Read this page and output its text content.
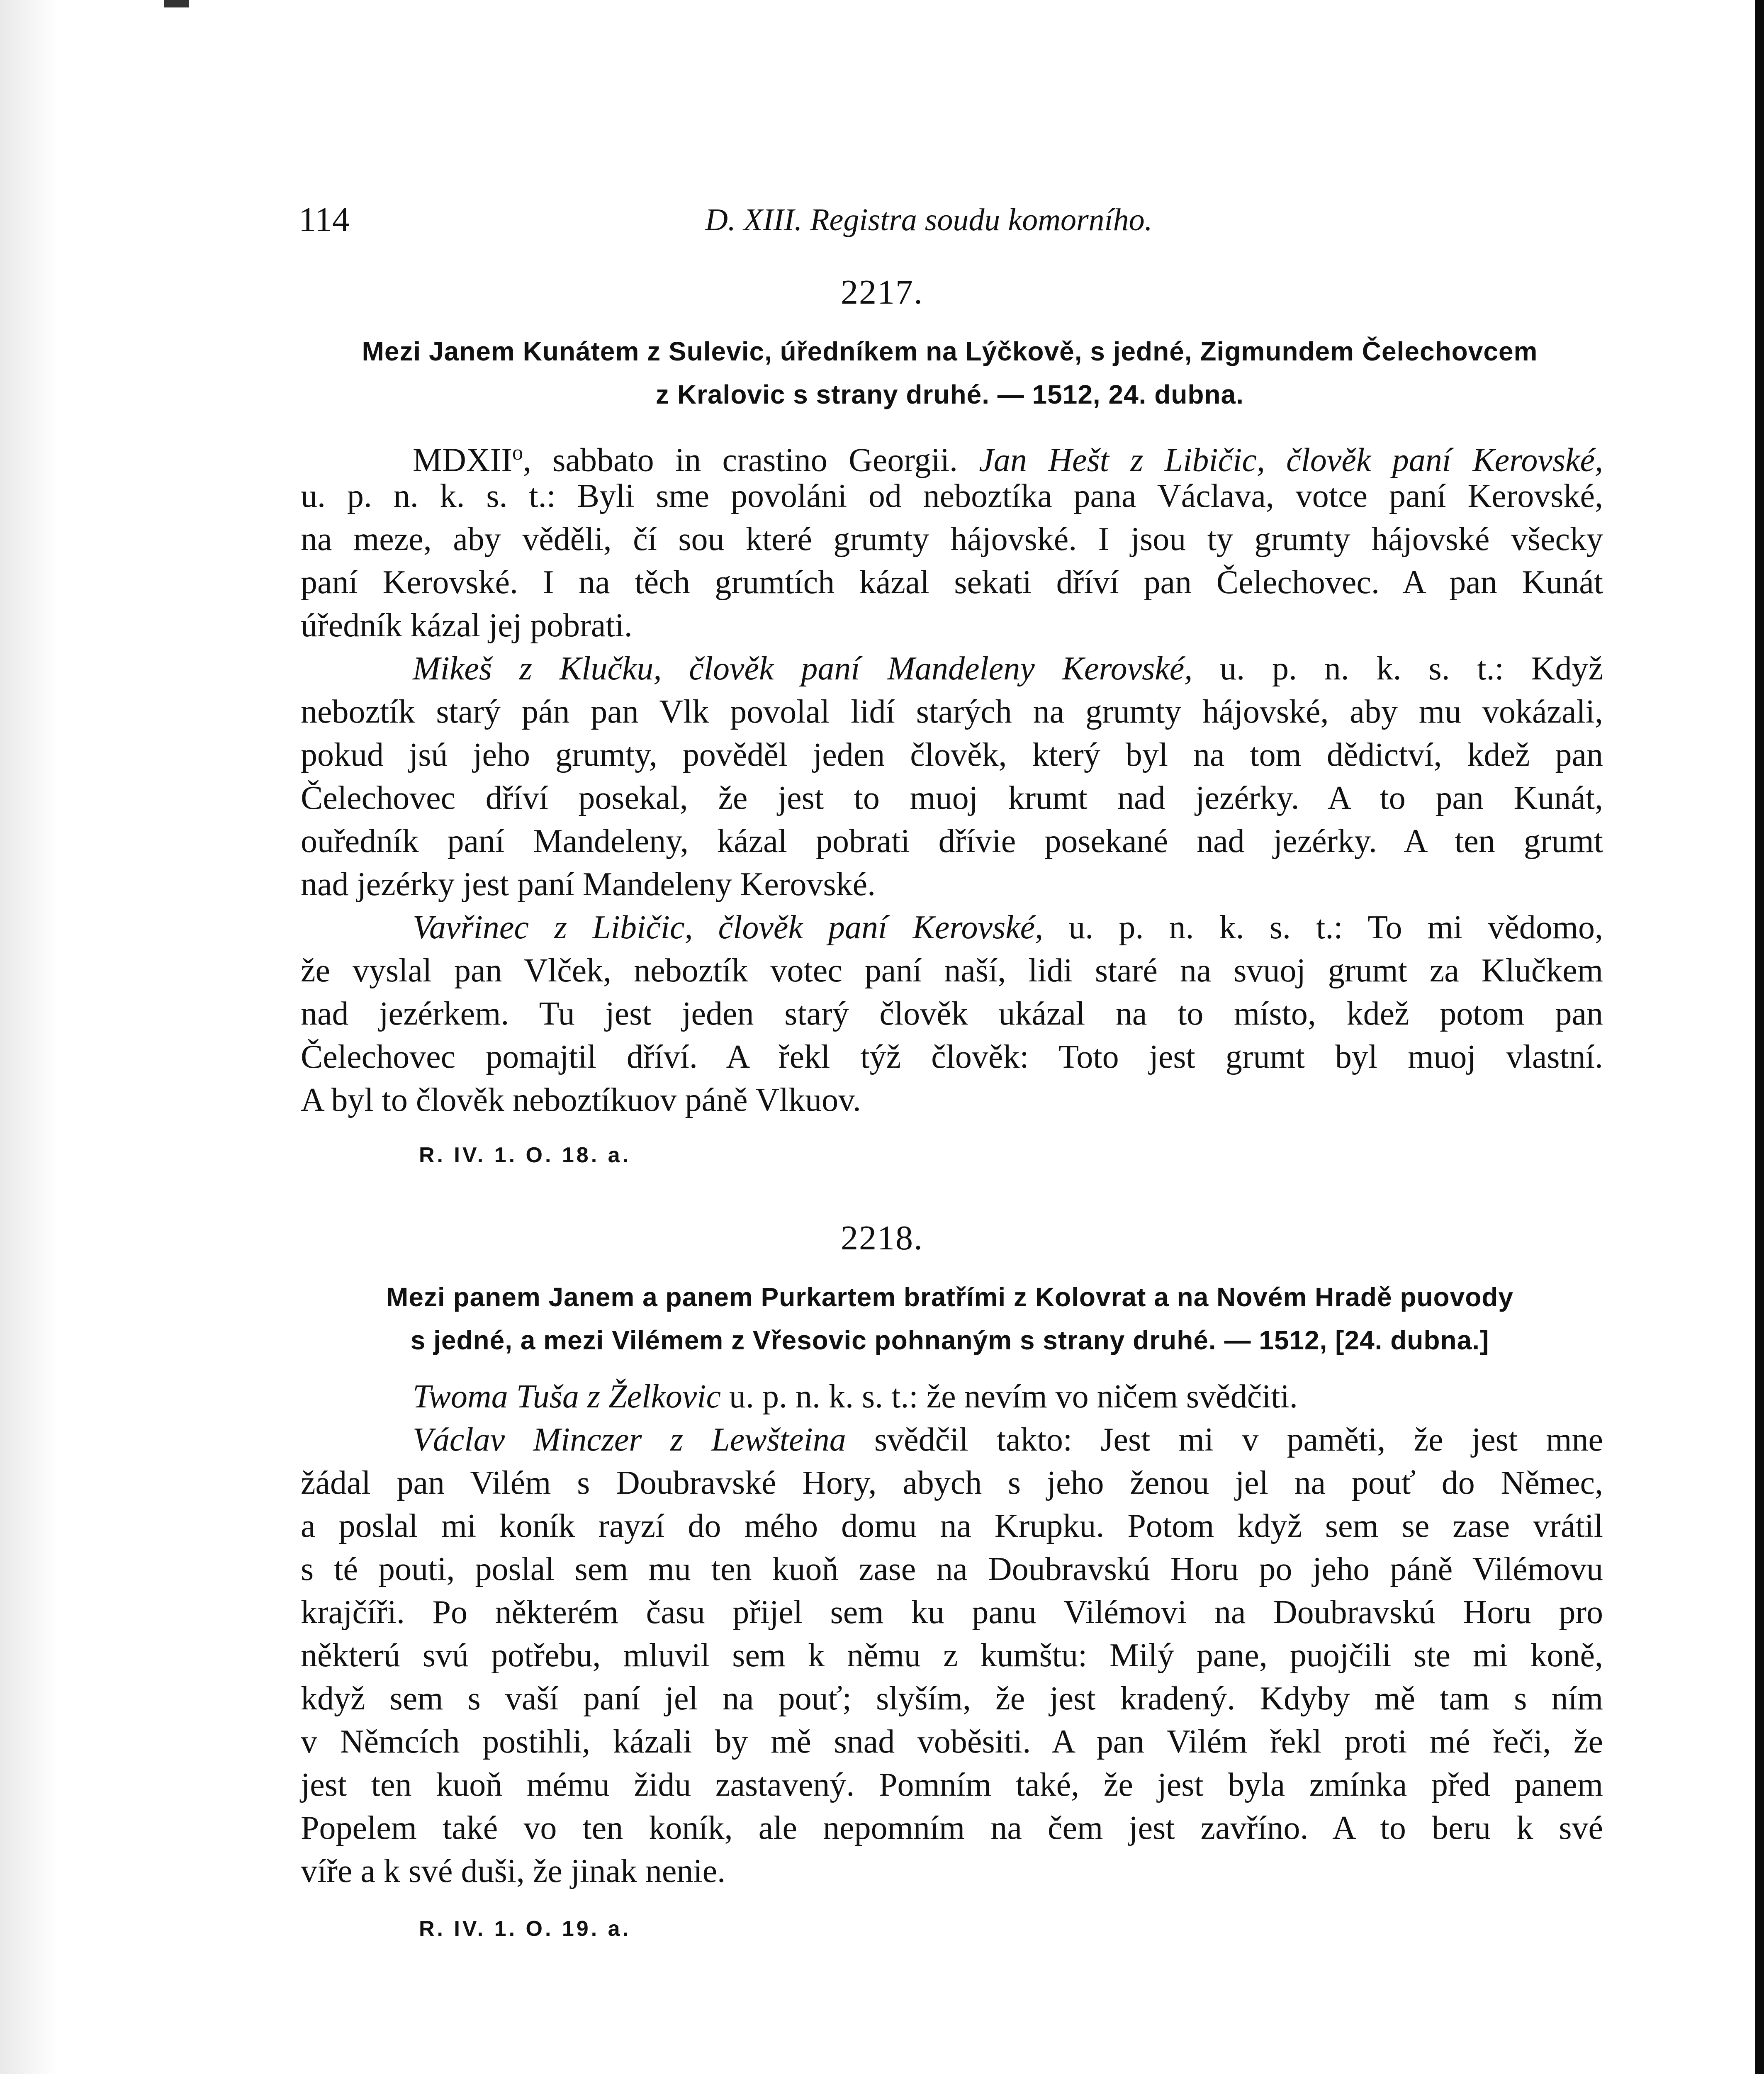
114	D. XIII. Registra soudu komorního.
2217.
Mezi Janem Kunátem z Sulevic, úředníkem na Lýčkově, s jedné, Zigmundem Čelechovcem
z Kralovic s strany druhé. — 1512, 24. dubna.
MDXII$^o$, sabbato in crastino Georgii. Jan Hešt z Libičic, člověk paní Kerovské,
u. p. n. k. s. t.: Byli sme povoláni od neboztíka pana Václava, votce paní Kerovské,
na meze, aby věděli, čí sou které grumty hájovské. I jsou ty grumty hájovské všecky
paní Kerovské. I na těch grumtích kázal sekati dříví pan Čelechovec. A pan Kunát
úředník kázal jej pobrati.
Mikeš z Klučku, člověk paní Mandeleny Kerovské, u. p. n. k. s. t.: Když
neboztík starý pán pan Vlk povolal lidí starých na grumty hájovské, aby mu vokázali,
pokud jsú jeho grumty, pověděl jeden člověk, který byl na tom dědictví, kdež pan
Čelechovec dříví posekal, že jest to muoj krumt nad jezérky. A to pan Kunát,
ouředník paní Mandeleny, kázal pobrati dřívie posekané nad jezérky. A ten grumt
nad jezérky jest paní Mandeleny Kerovské.
Vavřinec z Libičic, člověk paní Kerovské, u. p. n. k. s. t.: To mi vědomo,
že vyslal pan Vlček, neboztík votec paní naší, lidi staré na svuoj grumt za Klučkem
nad jezérkem. Tu jest jeden starý člověk ukázal na to místo, kdež potom pan
Čelechovec pomajtil dříví. A řekl týž člověk: Toto jest grumt byl muoj vlastní.
A byl to člověk neboztíkuov páně Vlkuov.
R. IV. 1. O. 18. a.
2218.
Mezi panem Janem a panem Purkartem bratřími z Kolovrat a na Novém Hradě puovody
s jedné, a mezi Vilémem z Vřesovic pohnaným s strany druhé. — 1512, [24. dubna.]
Twoma Tuša z Želkovic u. p. n. k. s. t.: že nevím vo ničem svědčiti.
Václav Minczer z Lewšteina svědčil takto: Jest mi v paměti, že jest mne
žádal pan Vilém s Doubravské Hory, abych s jeho ženou jel na pouť do Němec,
a poslal mi koník rayzí do mého domu na Krupku. Potom když sem se zase vrátil
s té pouti, poslal sem mu ten kuoň zase na Doubravskú Horu po jeho páně Vilémovu
krajčíři. Po některém času přijel sem ku panu Vilémovi na Doubravskú Horu pro
některú svú potřebu, mluvil sem k němu z kumštu: Milý pane, puojčili ste mi koně,
když sem s vaší paní jel na pouť; slyším, že jest kradený. Kdyby mě tam s ním
v Němcích postihli, kázali by mě snad voběsiti. A pan Vilém řekl proti mé řeči, že
jest ten kuoň mému židu zastavený. Pomním také, že jest byla zmínka před panem
Popelem také vo ten koník, ale nepomním na čem jest zavříno. A to beru k své
víře a k své duši, že jinak nenie.
R. IV. 1. O. 19. a.
